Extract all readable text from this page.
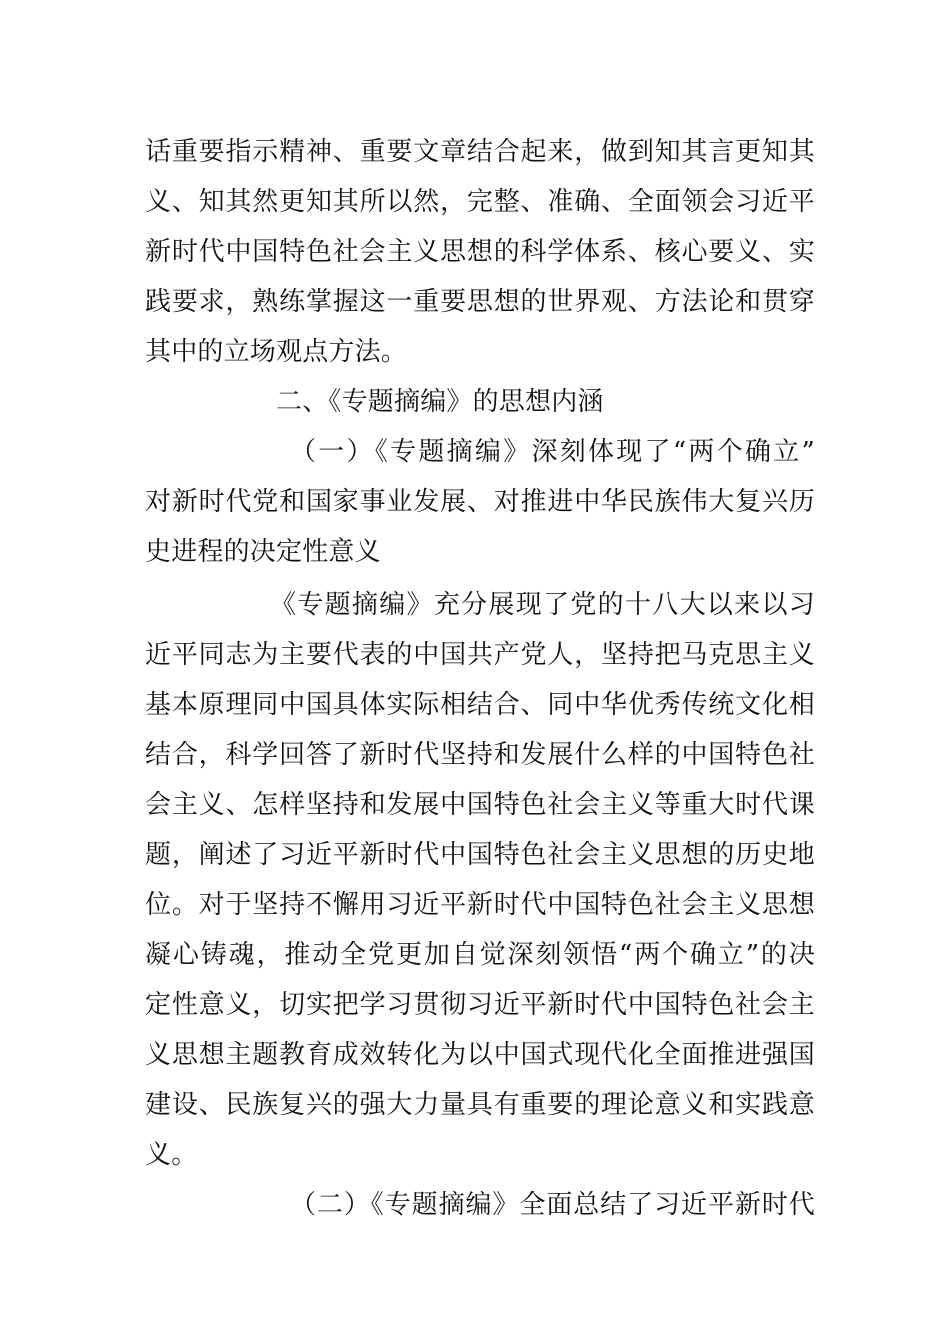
话重要指示精神、重要文章结合起来，做到知其言更知其
义、知其然更知其所以然，完整、准确、全面领会习近平
新时代中国特色社会主义思想的科学体系、核心要义、实
践要求，熟练掌握这一重要思想的世界观、方法论和贯穿
其中的立场观点方法。
二、《专题摘编》的思想内涵
（一）《专题摘编》深刻体现了“两个确立”
对新时代党和国家事业发展、对推进中华民族伟大复兴历
史进程的决定性意义
《专题摘编》充分展现了党的十八大以来以习
近平同志为主要代表的中国共产党人，坚持把马克思主义
基本原理同中国具体实际相结合、同中华优秀传统文化相
结合，科学回答了新时代坚持和发展什么样的中国特色社
会主义、怎样坚持和发展中国特色社会主义等重大时代课
题，阐述了习近平新时代中国特色社会主义思想的历史地
位。对于坚持不懈用习近平新时代中国特色社会主义思想
凝心铸魂，推动全党更加自觉深刻领悟“两个确立”的决
定性意义，切实把学习贯彻习近平新时代中国特色社会主
义思想主题教育成效转化为以中国式现代化全面推进强国
建设、民族复兴的强大力量具有重要的理论意义和实践意
义。
（二）《专题摘编》全面总结了习近平新时代
